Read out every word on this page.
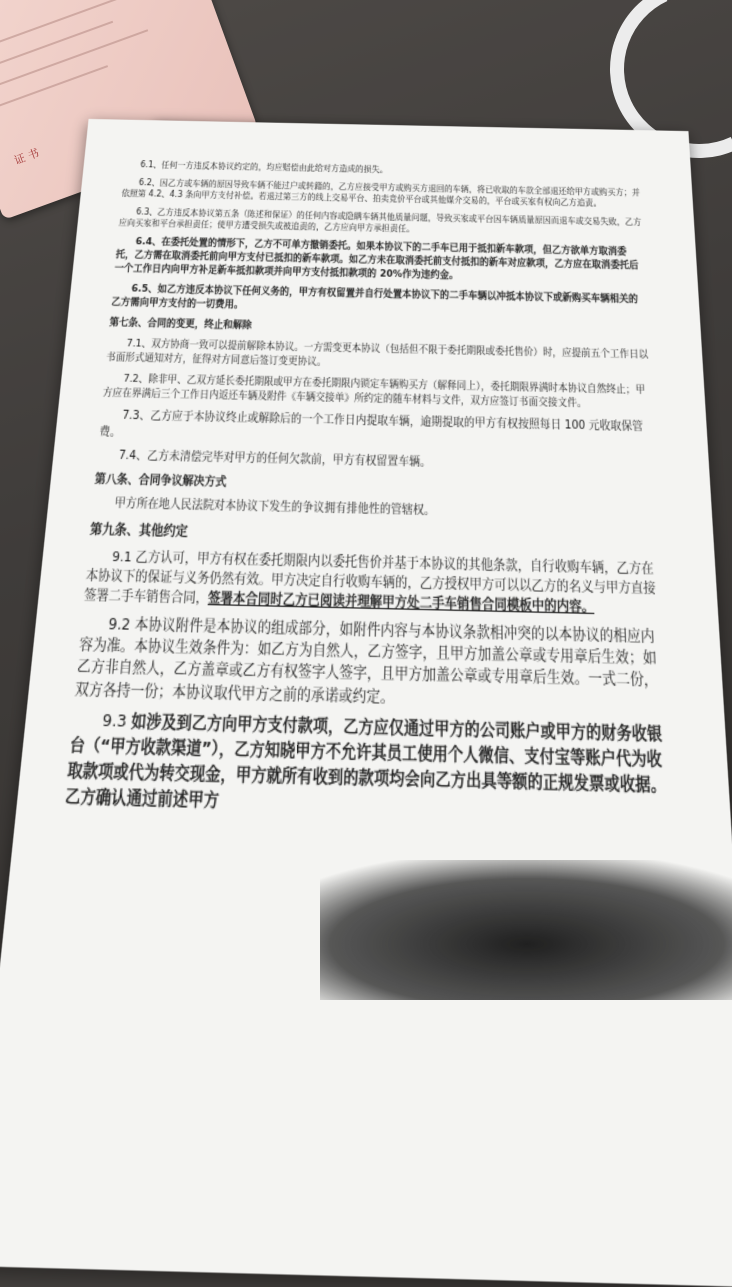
证 书	6.1、任何一方违反本协议约定的，均应赔偿由此给对方造成的损失。

6.2、因乙方或车辆的原因导致车辆不能过户或转籍的，乙方应接受甲方或购买方退回的车辆，将已收取的车款全部退还给甲方或购买方；并依照第 4.2、4.3 条向甲方支付补偿。若退过第三方的线上交易平台、拍卖竞价平台或其他媒介交易的，平台或买家有权向乙方追责。

6.3、乙方违反本协议第五条（陈述和保证）的任何内容或隐瞒车辆其他质量问题，导致买家或平台因车辆质量原因而退车或交易失败，乙方应向买家和平台承担责任；使甲方遭受损失或被追责的，乙方应向甲方承担责任。

6.4、在委托处置的情形下，乙方不可单方撤销委托。如果本协议下的二手车已用于抵扣新车款项，但乙方欲单方取消委托，乙方需在取消委托前向甲方支付已抵扣的新车款项。如乙方未在取消委托前支付抵扣的新车对应款项，乙方应在取消委托后一个工作日内向甲方补足新车抵扣款项并向甲方支付抵扣款项的 20%作为违约金。

6.5、如乙方违反本协议下任何义务的，甲方有权留置并自行处置本协议下的二手车辆以冲抵本协议下或新购买车辆相关的乙方需向甲方支付的一切费用。

第七条、合同的变更，终止和解除

7.1、双方协商一致可以提前解除本协议。一方需变更本协议（包括但不限于委托期限或委托售价）时，应提前五个工作日以书面形式通知对方，征得对方同意后签订变更协议。

7.2、除非甲、乙双方延长委托期限或甲方在委托期限内锁定车辆购买方（解释同上），委托期限界满时本协议自然终止；甲方应在界满后三个工作日内返还车辆及附件《车辆交接单》所约定的随车材料与文件，双方应签订书面交接文件。

7.3、乙方应于本协议终止或解除后的一个工作日内提取车辆，逾期提取的甲方有权按照每日 100 元收取保管费。

7.4、乙方未清偿完毕对甲方的任何欠款前，甲方有权留置车辆。

第八条、合同争议解决方式

甲方所在地人民法院对本协议下发生的争议拥有排他性的管辖权。

第九条、其他约定

9.1 乙方认可，甲方有权在委托期限内以委托售价并基于本协议的其他条款，自行收购车辆，乙方在本协议下的保证与义务仍然有效。甲方决定自行收购车辆的，乙方授权甲方可以以乙方的名义与甲方直接签署二手车销售合同，签署本合同时乙方已阅读并理解甲方处二手车销售合同模板中的内容。

9.2 本协议附件是本协议的组成部分，如附件内容与本协议条款相冲突的以本协议的相应内容为准。本协议生效条件为：如乙方为自然人，乙方签字，且甲方加盖公章或专用章后生效；如乙方非自然人，乙方盖章或乙方有权签字人签字，且甲方加盖公章或专用章后生效。一式二份，双方各持一份；本协议取代甲方之前的承诺或约定。

9.3 如涉及到乙方向甲方支付款项，乙方应仅通过甲方的公司账户或甲方的财务收银台（“甲方收款渠道”），乙方知晓甲方不允许其员工使用个人微信、支付宝等账户代为收取款项或代为转交现金，甲方就所有收到的款项均会向乙方出具等额的正规发票或收据。乙方确认通过前述甲方
